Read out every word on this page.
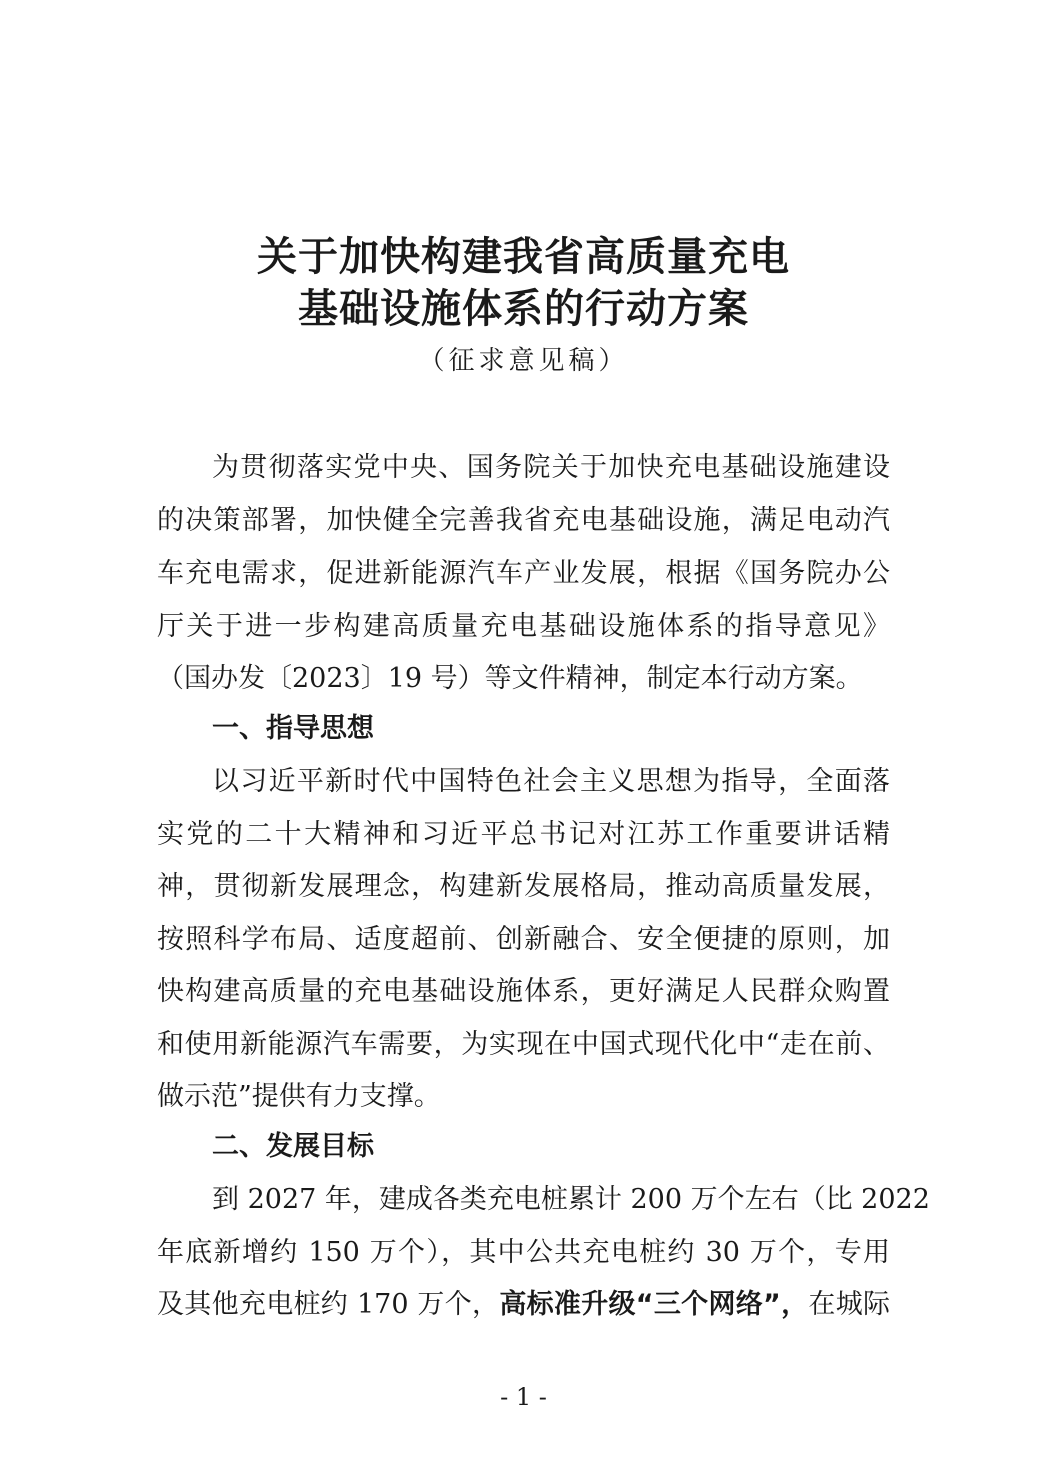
关于加快构建我省高质量充电
基础设施体系的行动方案
（征求意见稿）
为贯彻落实党中央、国务院关于加快充电基础设施建设
的决策部署，加快健全完善我省充电基础设施，满足电动汽
车充电需求，促进新能源汽车产业发展，根据《国务院办公
厅关于进一步构建高质量充电基础设施体系的指导意见》
（国办发〔2023〕19 号）等文件精神，制定本行动方案。
一、指导思想
以习近平新时代中国特色社会主义思想为指导，全面落
实党的二十大精神和习近平总书记对江苏工作重要讲话精
神，贯彻新发展理念，构建新发展格局，推动高质量发展，
按照科学布局、适度超前、创新融合、安全便捷的原则，加
快构建高质量的充电基础设施体系，更好满足人民群众购置
和使用新能源汽车需要，为实现在中国式现代化中“走在前、
做示范”提供有力支撑。
二、发展目标
到 2027 年，建成各类充电桩累计 200 万个左右（比 2022
年底新增约 150 万个），其中公共充电桩约 30 万个，专用
及其他充电桩约 170 万个，高标准升级“三个网络”，在城际
- 1 -
